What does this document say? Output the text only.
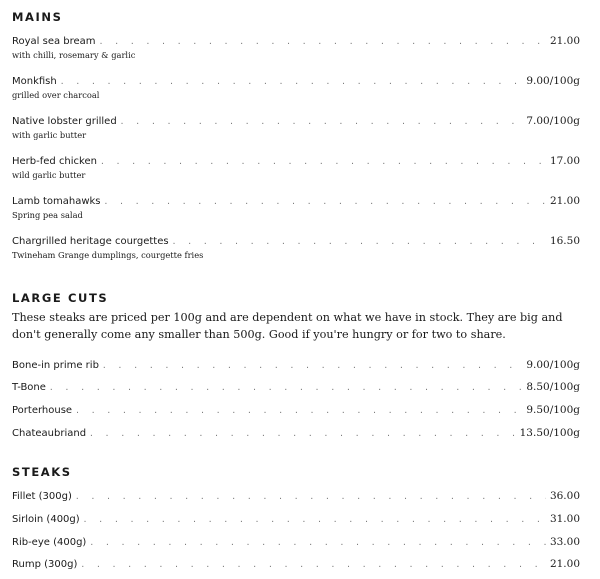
MAINS
Royal sea bream . . .	21.00
with chilli, rosemary & garlic
Monkfish . . .	9.00/100g
grilled over charcoal
Native lobster grilled . . .	7.00/100g
with garlic butter
Herb-fed chicken . . .	17.00
wild garlic butter
Lamb tomahawks . . .	21.00
Spring pea salad
Chargrilled heritage courgettes . . .	16.50
Twineham Grange dumplings, courgette fries
LARGE CUTS
These steaks are priced per 100g and are dependent on what we have in stock. They are big and don't generally come any smaller than 500g. Good if you're hungry or for two to share.
Bone-in prime rib . . .	9.00/100g
T-Bone . . .	8.50/100g
Porterhouse . . .	9.50/100g
Chateaubriand . . .	13.50/100g
STEAKS
Fillet (300g) . . .	36.00
Sirloin (400g) . . .	31.00
Rib-eye (400g) . . .	33.00
Rump (300g) . . .	21.00
